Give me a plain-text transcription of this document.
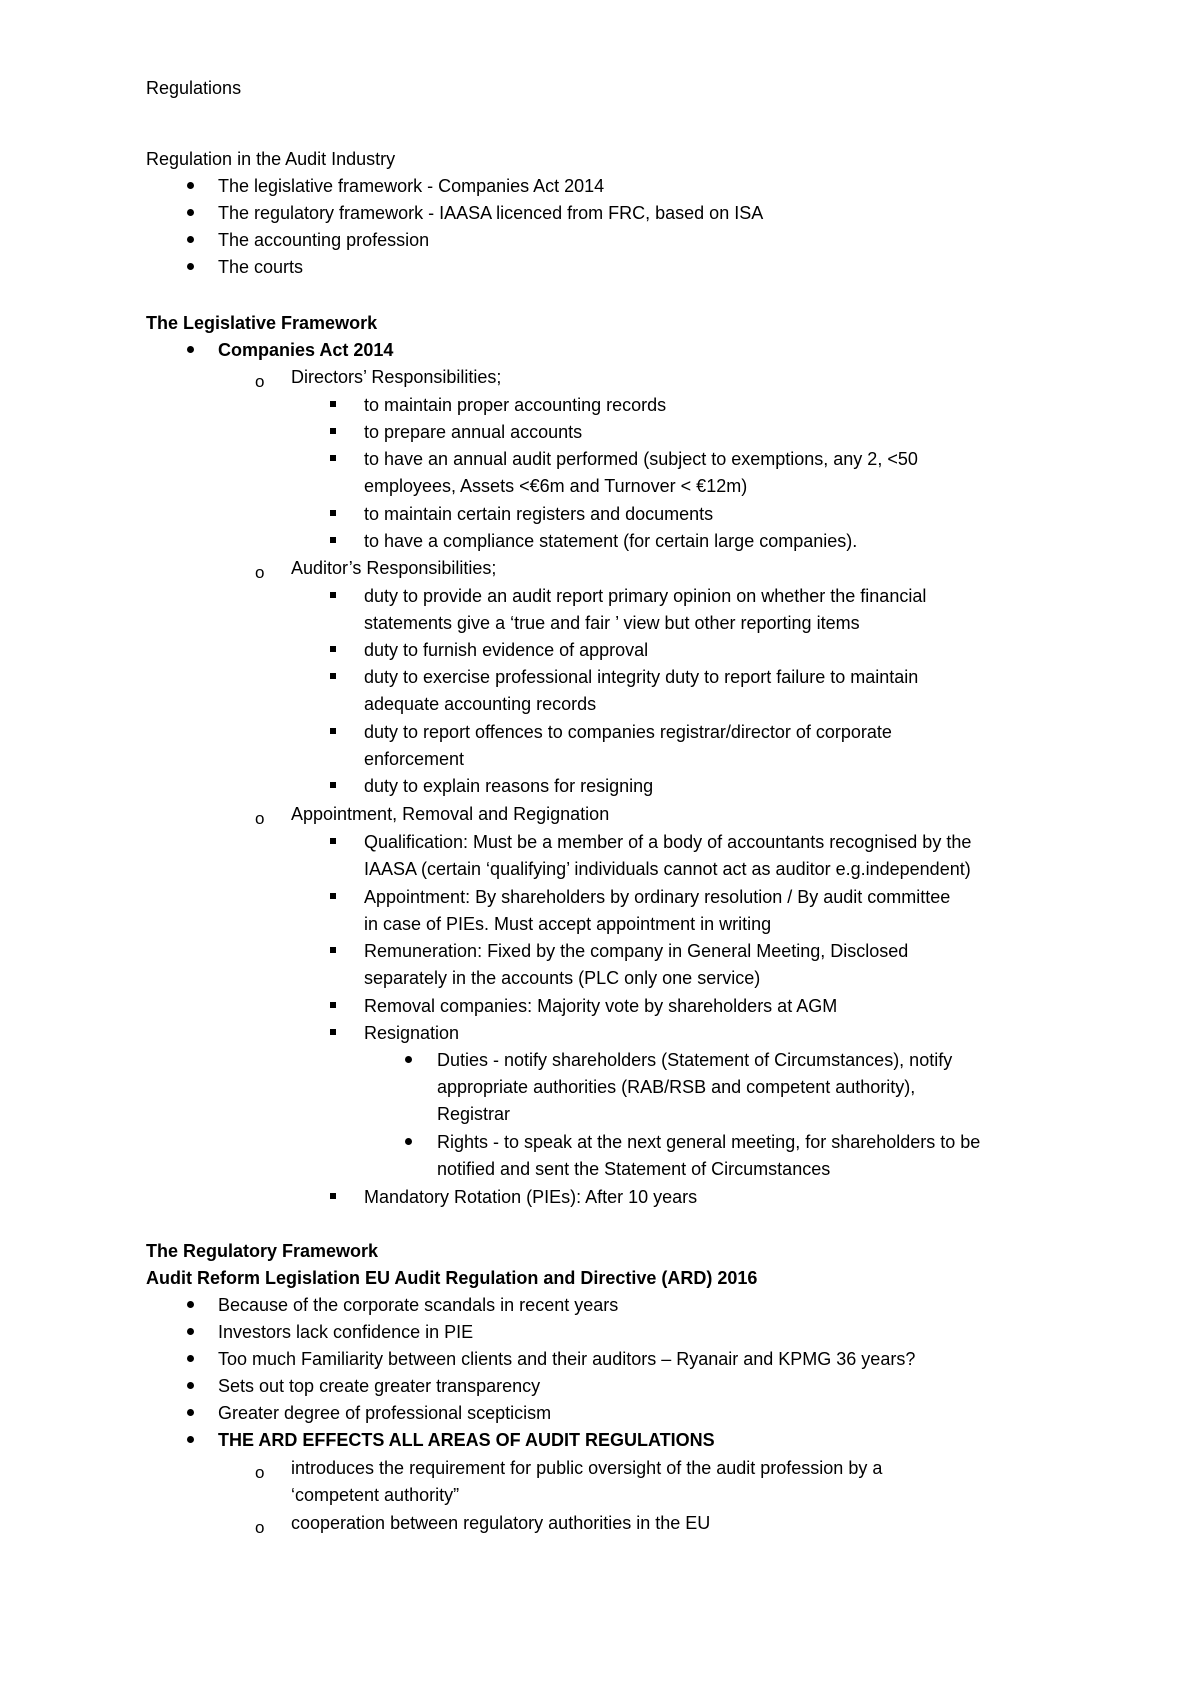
Regulations
Regulation in the Audit Industry
The legislative framework - Companies Act 2014
The regulatory framework - IAASA licenced from FRC, based on ISA
The accounting profession
The courts
The Legislative Framework
Companies Act 2014
o Directors’ Responsibilities;
to maintain proper accounting records
to prepare annual accounts
to have an annual audit performed (subject to exemptions, any 2, <50
employees, Assets <€6m and Turnover < €12m)
to maintain certain registers and documents
to have a compliance statement (for certain large companies).
o Auditor’s Responsibilities;
duty to provide an audit report primary opinion on whether the financial
statements give a ‘true and fair ’ view but other reporting items
duty to furnish evidence of approval
duty to exercise professional integrity duty to report failure to maintain
adequate accounting records
duty to report offences to companies registrar/director of corporate
enforcement
duty to explain reasons for resigning
o Appointment, Removal and Regignation
Qualification: Must be a member of a body of accountants recognised by the
IAASA (certain ‘qualifying’ individuals cannot act as auditor e.g.independent)
Appointment: By shareholders by ordinary resolution / By audit committee
in case of PIEs. Must accept appointment in writing
Remuneration: Fixed by the company in General Meeting, Disclosed
separately in the accounts (PLC only one service)
Removal companies: Majority vote by shareholders at AGM
Resignation
Duties - notify shareholders (Statement of Circumstances), notify
appropriate authorities (RAB/RSB and competent authority),
Registrar
Rights - to speak at the next general meeting, for shareholders to be
notified and sent the Statement of Circumstances
Mandatory Rotation (PIEs): After 10 years
The Regulatory Framework
Audit Reform Legislation EU Audit Regulation and Directive (ARD) 2016
Because of the corporate scandals in recent years
Investors lack confidence in PIE
Too much Familiarity between clients and their auditors – Ryanair and KPMG 36 years?
Sets out top create greater transparency
Greater degree of professional scepticism
THE ARD EFFECTS ALL AREAS OF AUDIT REGULATIONS
o introduces the requirement for public oversight of the audit profession by a
‘competent authority”
o cooperation between regulatory authorities in the EU
